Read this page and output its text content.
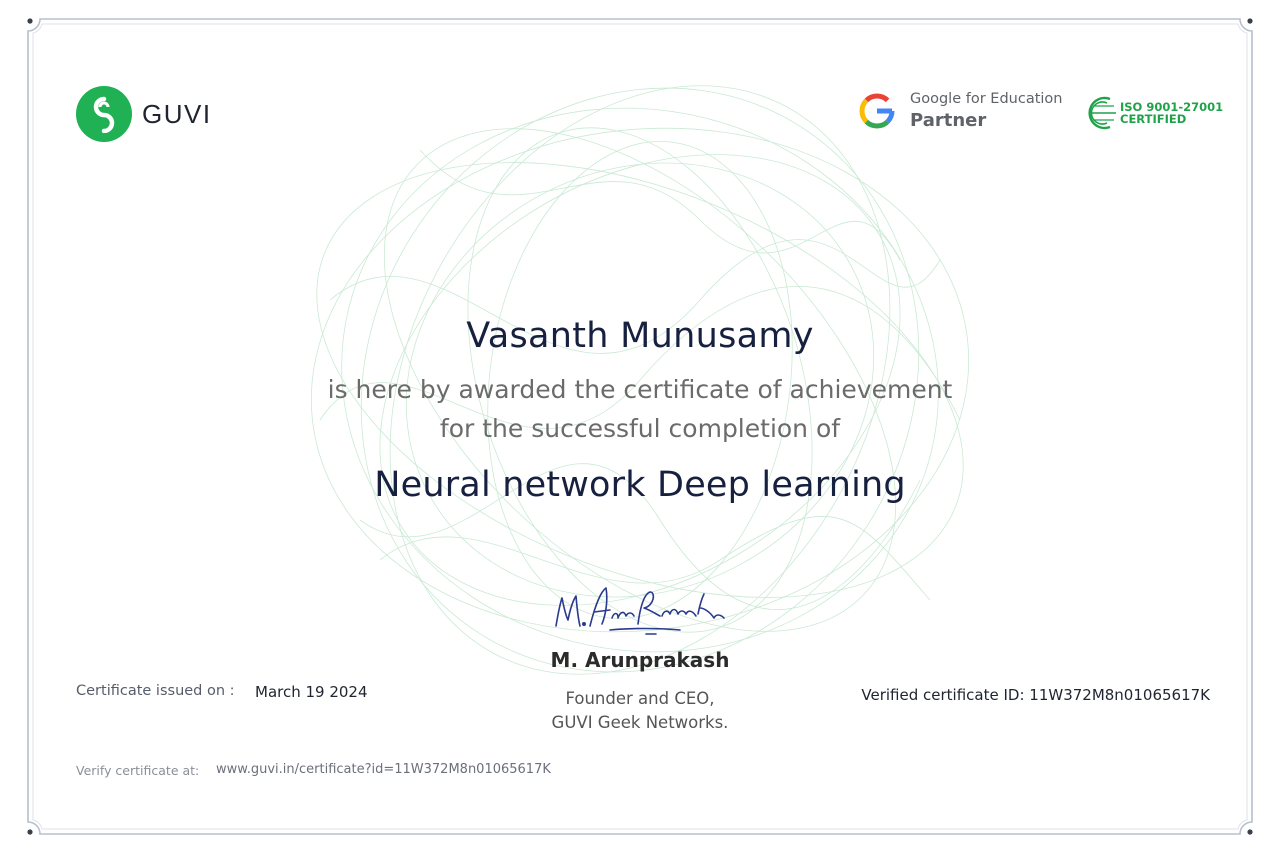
GUVI	Google for Education
Partner
ISO 9001-27001
CERTIFIED
Vasanth Munusamy

is here by awarded the certificate of achievement

for the successful completion of

Neural network Deep learning
M. Arunprakash
Founder and CEO,
GUVI Geek Networks.
Certificate issued on : March 19 2024	Verified certificate ID: 11W372M8n01065617K
Verify certificate at: www.guvi.in/certificate?id=11W372M8n01065617K
